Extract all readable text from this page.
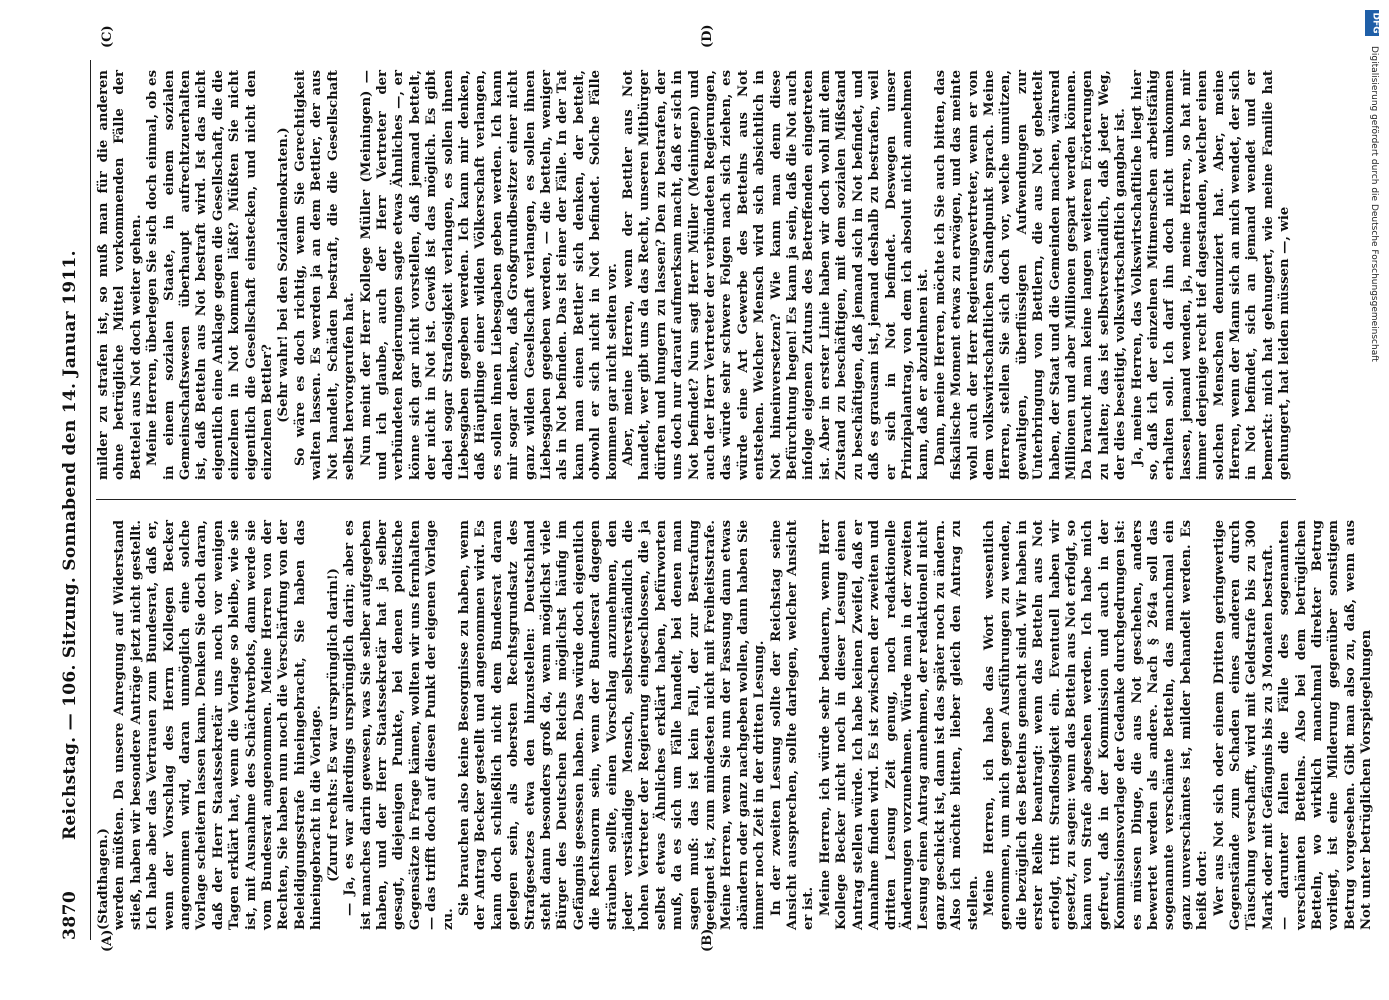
3870
Reichstag. — 106. Sitzung. Sonnabend den 14. Januar 1911.
(A)	(B)
(C)	(D)

(Stadthagen.) werden müßten. Da unsere Anregung auf Widerstand stieß, haben wir besondere Anträge jetzt nicht gestellt. Ich habe aber das Vertrauen zum Bundesrat, daß er, wenn der Vorschlag des Herrn Kollegen Becker angenommen wird, daran unmöglich eine solche Vorlage scheitern lassen kann. Denken Sie doch daran, daß der Herr Staatssekretär uns noch vor wenigen Tagen erklärt hat, wenn die Vorlage so bleibe, wie sie ist, mit Ausnahme des Schächtverbots, dann werde sie vom Bundesrat angenommen. Meine Herren von der Rechten, Sie haben nun noch die Verschärfung von der Beleidigungsstrafe hineingebracht, Sie haben das hineingebracht in die Vorlage. (Zuruf rechts: Es war ursprünglich darin!) — Ja, es war allerdings ursprünglich darin; aber es ist manches darin gewesen, was Sie selber aufgegeben haben, und der Herr Staatssekretär hat ja selber gesagt, diejenigen Punkte, bei denen politische Gegensätze in Frage kämen, wollten wir uns fernhalten — das trifft doch auf diesen Punkt der eigenen Vorlage zu.

Sie brauchen also keine Besorgnisse zu haben, wenn der Antrag Becker gestellt und angenommen wird. Es kann doch schließlich nicht dem Bundesrat daran gelegen sein, als obersten Rechtsgrundsatz des Strafgesetzes etwa den hinzustellen: Deutschland steht dann besonders groß da, wenn möglichst viele Bürger des Deutschen Reichs möglichst häufig im Gefängnis gesessen haben. Das würde doch eigentlich die Rechtsnorm sein, wenn der Bundesrat dagegen sträuben sollte, einen Vorschlag anzunehmen, den jeder verständige Mensch, selbstverständlich die hohen Vertreter der Regierung eingeschlossen, die ja selbst etwas Ähnliches erklärt haben, befürworten muß, da es sich um Fälle handelt, bei denen man sagen muß: das ist kein Fall, der zur Bestrafung geeignet ist, zum mindesten nicht mit Freiheitsstrafe. Meine Herren, wenn Sie nun der Fassung dann etwas abändern oder ganz nachgeben wollen, dann haben Sie immer noch Zeit in der dritten Lesung. In der zweiten Lesung sollte der Reichstag seine Ansicht aussprechen, sollte darlegen, welcher Ansicht er ist. Meine Herren, ich würde sehr bedauern, wenn Herr Kollege Becker nicht noch in dieser Lesung einen Antrag stellen würde. Ich habe keinen Zweifel, daß er Annahme finden wird. Es ist zwischen der zweiten und dritten Lesung Zeit genug, noch redaktionelle Änderungen vorzunehmen. Würde man in der zweiten Lesung einen Antrag annehmen, der redaktionell nicht ganz geschickt ist, dann ist das später noch zu ändern. Also ich möchte bitten, lieber gleich den Antrag zu stellen. Meine Herren, ich habe das Wort wesentlich genommen, um mich gegen Ausführungen zu wenden, die bezüglich des Bettelns gemacht sind. Wir haben in erster Reihe beantragt: wenn das Betteln aus Not erfolgt, tritt Straflosigkeit ein. Eventuell haben wir gesetzt, zu sagen: wenn das Betteln aus Not erfolgt, so kann von Strafe abgesehen werden. Ich habe mich gefreut, daß in der Kommission und auch in der Kommissionsvorlage der Gedanke durchgedrungen ist: es müssen Dinge, die aus Not geschehen, anders bewertet werden als andere. Nach § 264a soll das sogenannte verschämte Betteln, das manchmal ein ganz unverschämtes ist, milder behandelt werden. Es heißt dort: Wer aus Not sich oder einem Dritten geringwertige Gegenstände zum Schaden eines anderen durch Täuschung verschafft, wird mit Geldstrafe bis zu 300 Mark oder mit Gefängnis bis zu 3 Monaten bestraft. — darunter fallen die Fälle des sogenannten verschämten Bettelns. Also bei dem betrüglichen Betteln, wo wirklich manchmal direkter Betrug vorliegt, ist eine Milderung gegenüber sonstigem Betrug vorgesehen. Gibt man also zu, daß, wenn aus Not unter betrüglichen Vorspiegelungen

milder zu strafen ist, so muß man für die anderen ohne betrügliche Mittel vorkommenden Fälle der Bettelei aus Not doch weiter gehen. Meine Herren, überlegen Sie sich doch einmal, ob es in einem sozialen Staate, in einem sozialen Gemeinschaftswesen überhaupt aufrechtzuerhalten ist, daß Betteln aus Not bestraft wird. Ist das nicht eigentlich eine Anklage gegen die Gesellschaft, die die einzelnen in Not kommen läßt? Müßten Sie nicht eigentlich die Gesellschaft einstecken, und nicht den einzelnen Bettler? (Sehr wahr! bei den Sozialdemokraten.) So wäre es doch richtig, wenn Sie Gerechtigkeit walten lassen. Es werden ja an dem Bettler, der aus Not handelt, Schäden bestraft, die die Gesellschaft selbst hervorgerufen hat. Nun meint der Herr Kollege Müller (Meiningen) — und ich glaube, auch der Herr Vertreter der verbündeten Regierungen sagte etwas Ähnliches —, er könne sich gar nicht vorstellen, daß jemand bettelt, der nicht in Not ist. Gewiß ist das möglich. Es gibt dabei sogar Straflosigkeit verlangen, es sollen ihnen Liebesgaben gegeben werden. Ich kann mir denken, daß Häuptlinge einer wilden Völkerschaft verlangen, es sollen ihnen Liebesgaben geben werden. Ich kann mir sogar denken, daß Großgrundbesitzer einer nicht ganz wilden Gesellschaft verlangen, es sollen ihnen Liebesgaben gegeben werden, — die betteln, weniger als in Not befinden. Das ist einer der Fälle. In der Tat kann man einen Bettler sich denken, der bettelt, obwohl er sich nicht in Not befindet. Solche Fälle kommen gar nicht selten vor. Aber, meine Herren, wenn der Bettler aus Not handelt, wer gibt uns da das Recht, unseren Mitbürger dürften und hungern zu lassen? Den zu bestrafen, der uns doch nur darauf aufmerksam macht, daß er sich in Not befindet? Nun sagt Herr Müller (Meiningen) und auch der Herr Vertreter der verbündeten Regierungen, das würde sehr schwere Folgen nach sich ziehen, es würde eine Art Gewerbe des Bettelns aus Not entstehen. Welcher Mensch wird sich absichtlich in Not hineinversetzen? Wie kann man denn diese Befürchtung hegen! Es kann ja sein, daß die Not auch infolge eigenen Zutuns des Betreffenden eingetreten ist. Aber in erster Linie haben wir doch wohl mit dem Zustand zu beschäftigen, mit dem sozialen Mißstand zu beschäftigen, daß jemand sich in Not befindet, und daß es grausam ist, jemand deshalb zu bestrafen, weil er sich in Not befindet. Deswegen unser Prinzipalantrag, von dem ich absolut nicht annehmen kann, daß er abzulehnen ist. Dann, meine Herren, möchte ich Sie auch bitten, das fiskalische Moment etwas zu erwägen, und das meinte wohl auch der Herr Regierungsvertreter, wenn er von dem volkswirtschaftlichen Standpunkt sprach. Meine Herren, stellen Sie sich doch vor, welche unnützen, gewaltigen, überflüssigen Aufwendungen zur Unterbringung von Bettlern, die aus Not gebettelt haben, der Staat und die Gemeinden machen, während Millionen und aber Millionen gespart werden können. Da braucht man keine langen weiteren Erörterungen zu halten; das ist selbstverständlich, daß jeder Weg, der dies beseitigt, volkswirtschaftlich gangbar ist. Ja, meine Herren, das Volkswirtschaftliche liegt hier so, daß ich der einzelnen Mitmenschen arbeitsfähig erhalten soll. Ich darf ihn doch nicht umkommen lassen, jemand wenden, ja, meine Herren, so hat mir immer derjenige recht tief dagestanden, welcher einen solchen Menschen denunziert hat. Aber, meine Herren, wenn der Mann sich an mich wendet, der sich in Not befindet, sich an jemand wendet und er bemerkt: mich hat gehungert, wie meine Familie hat gehungert, hat leiden müssen —, wie

DFG
Digitalisierung gefördert durch die Deutsche Forschungsgemeinschaft
